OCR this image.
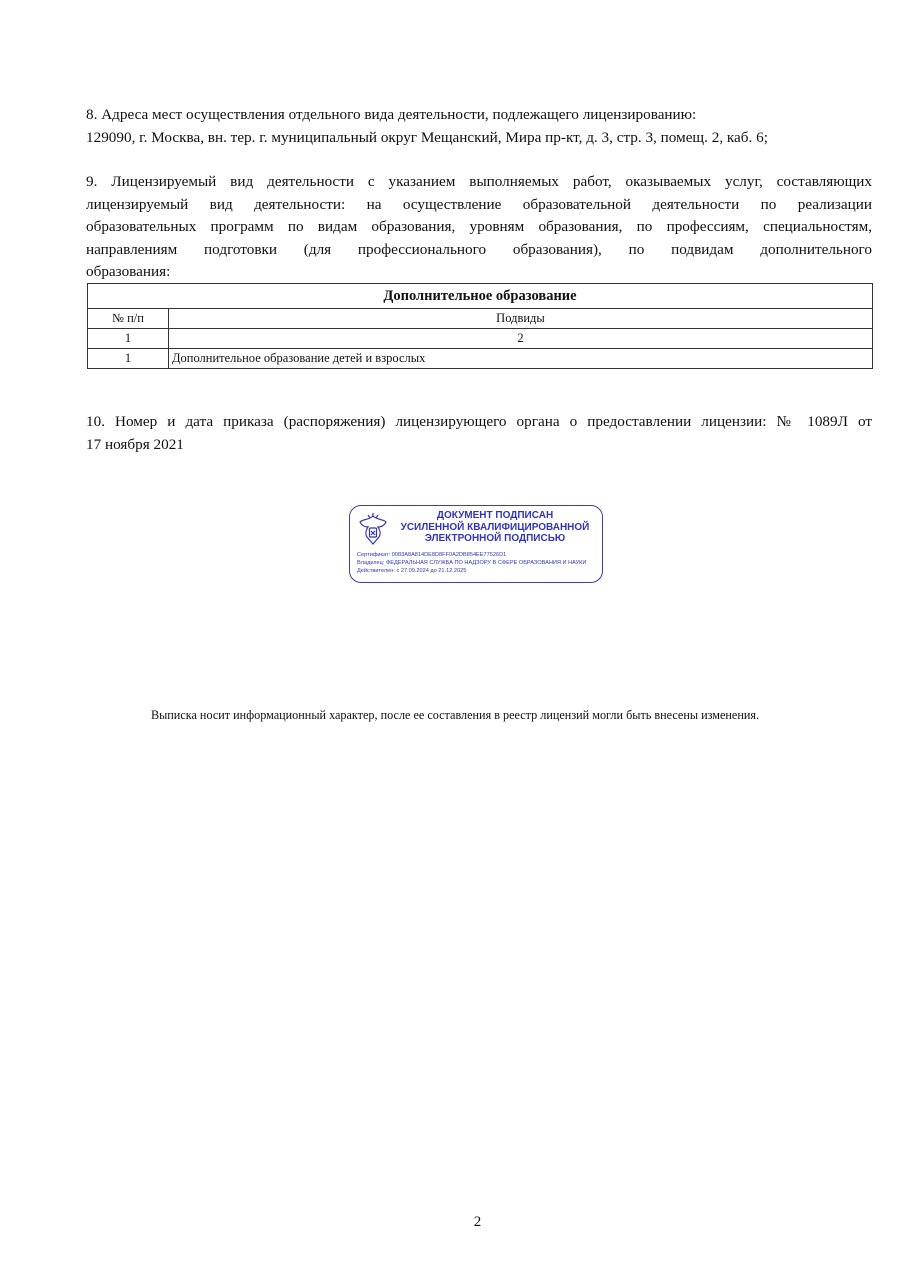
8. Адреса мест осуществления отдельного вида деятельности, подлежащего лицензированию:
129090, г. Москва, вн. тер. г. муниципальный округ Мещанский, Мира пр-кт, д. 3, стр. 3, помещ. 2, каб. 6;
9. Лицензируемый вид деятельности с указанием выполняемых работ, оказываемых услуг, составляющих
лицензируемый вид деятельности: на осуществление образовательной деятельности по реализации
образовательных программ по видам образования, уровням образования, по профессиям, специальностям,
направлениям подготовки (для профессионального образования), по подвидам дополнительного
образования:
Дополнительное образование	
№ п/п	Подвиды
1	2
1	Дополнительное образование детей и взрослых
10. Номер и дата приказа (распоряжения) лицензирующего органа о предоставлении лицензии: № 1089Л от
17 ноября 2021
ДОКУМЕНТ ПОДПИСАН
УСИЛЕННОЙ КВАЛИФИЦИРОВАННОЙ
ЭЛЕКТРОННОЙ ПОДПИСЬЮ
Сертификат: 0083A8A814DE8D8FF0A2DB854EE77526D1
Владелец: ФЕДЕРАЛЬНАЯ СЛУЖБА ПО НАДЗОРУ В СФЕРЕ ОБРАЗОВАНИЯ И НАУКИ
Действителен: с 27.09.2024 до 21.12.2025
Выписка носит информационный характер, после ее составления в реестр лицензий могли быть внесены изменения.
2
